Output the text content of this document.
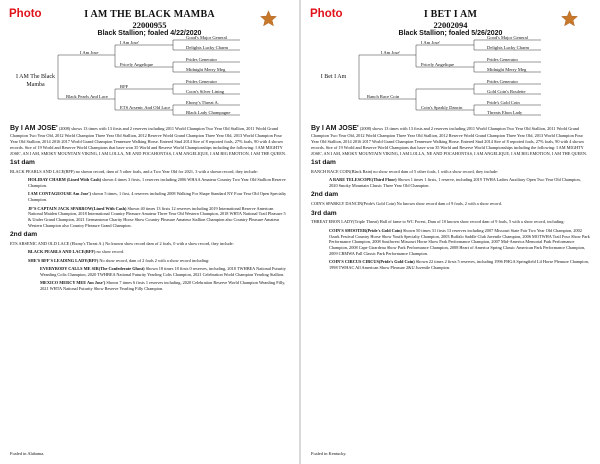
Photo	I AM THE BLACK MAMBA
22000955
Black Stallion; foaled 4/22/2020
I AM The Black Mamba
I Am Jose
Black Pearls And Lace
I Am Jose'
Pricely Angelique
BFF
ETS Arsenic And Old Lace
Good's Major General
Delights Lucky Charm
Prides Generator
Midnight Merry Meg
Prides Generator
Coon's Silver Lining
Ebony's Threat A.
Black Lady Champagne

By I AM JOSE' (2008) shows 13 times with 13 firsts and 2 reserves including 2011 World Champion Two Year Old Stallion, 2011 World Grand Champion Two Year Old, 2012 World Champion Three Year Old Stallion, 2012 Reserve World Grand Champion Three Year Old, 2013 World Champion Four Year Old Stallion, 2014 2016 2017 World Grand Champion Tennessee Walking Horse. Entered Stud 2014 Sire of 8 reported foals, 27% foals, 90 with 4 shown records. Sire of 19 World and Reserve World Champions that have won 35 World and Reserve World Championships including the following: I AM MIGHTY JOSE', AN I AM, SMOKY MOUNTAIN VIKING, I AM LOLLA, NE AND POCAHONTAS, I AM ANGELIQUE, I AM BIG EMOTION, I AM THE QUEEN.

1st dam

BLACK PEARLS AND LACE(BFF) no shown record, dam of 5 other foals, and a Two Year Old for 2021, 3 with a shown record, they include:

HOLIDAY CHARM (Lined With Cash) shown 4 times 3 firsts, 1 reserves including 2006 WHAA Amateur Country Two Year Old Stallion Reserve Champion.

I AM CONTAGEOUSE Am Jose') shown 5 times, 1 first, 4 reserves including 2008 Walking For Shape Standard NY Four Year Old Open Specialty Champion.

JF'S CAPTAIN JACK SPARROW(Lined With Cash) Shown 40 times 13 firsts 12 reserves including 2019 International Reserve American National Maiden Champion, 2018 International Country Pleasure Amateur Three Year Old Western Champion, 2018 WHTA National Trail Pleasure 5 & Under Grand Champion, 2021 Germantown Charity Horse Show Country Pleasure Amateur Stallion Champion also Country Pleasure Amateur Western Champion also Country Pleasure Grand Champion.

2nd dam

ETS ARSENIC AND OLD LACE (Ebony's Threat A.) No known show record dam of 2 foals, 0 with a show record, they include:

BLACK PEARLS AND LACE(BFF) no show record.

SHE'S BFF'S LEADING LADY(BFF) No show record, dam of 2 foals 2 with a show record including:

EVERYBODY CALLS ME SIR(The Confederate Ghost) Shown 18 times 18 firsts 0 reserves, including, 2018 TWHBEA National Futurity Weanling Colts Champion, 2020 TWHBEA National Futurity Yearling Colts Champion, 2021 Celebration World Champion Yearling Stallion.

MEXICO MERCY MEE Am Jose') Shown 7 times 6 firsts 1 reserves including, 2020 Celebration Reserve World Champion Weanling Filly, 2021 WHTA National Futurity Show Reserve Yearling Filly Champion.

Foaled in Alabama.
Photo	I BET I AM
22002094
Black Stallion; foaled 5/26/2020
I Bet I Am
I Am Jose'
Ranch Race Coin
I Am Jose'
Pricely Angelique
Coin's Sparkly Dancin
Good's Major General
Delights Lucky Charm
Prides Generator
Midnight Merry Meg
Prides Generator
Gold Coin's Roulette
Pride's Gold Coin
Threats Ebon Lady

By I AM JOSE' (2008) shows 13 times with 13 firsts and 2 reserves including 2011 World Champion Two Year Old Stallion, 2011 World Grand Champion Two Year Old, 2012 World Champion Three Year Old Stallion, 2012 Reserve World Grand Champion Three Year Old, 2013 World Champion Four Year Old Stallion, 2014 2016 2017 World Grand Champion Tennessee Walking Horse. Entered Stud 2014 Sire of 8 reported foals, 27% foals, 90 with 4 shown records. Sire of 19 World and Reserve World Champions that have won 35 World and Reserve World Championships including the following: I AM MIGHTY JOSE', AN I AM, SMOKY MOUNTAIN VIKING, I AM LOLLA, NE AND POCAHONTAS, I AM ANGELIQUE, I AM BIG EMOTION, I AM THE QUEEN.

1st dam

RANCH RACE COIN(Black Rain) no show record dam of 5 other foals, 1 with a show record, they include:

A RARE TELESCOPE(Third Floor) Shown 1 times 1 firsts, 1 reserve, including 2019 TWHA Ladies Auxiliary Open Two Year Old Champion, 2020 Smoky Mountain Classic Three Year Old Champion.

2nd dam

COIN'S SPARKLY DANCIN(Pride's Gold Coin) No known show record dam of 9 foals, 2 with a show record.

3rd dam

THREAT EBON LADY(Triple Threat) Hall of fame to WC Forest, Dam of 10 known show record dam of 9 foals, 5 with a show record, including:

COIN'S SHOOTER(Pride's Gold Coin) Shown 50 times 31 firsts 13 reserves including 2007 Missouri State Fair Two Year Old Champion, 2002 Ozark Festival Country Horse Show Youth Specialty Champion, 2003 Buffalo Saddle Club Juvenile Champion, 2006 MOTWHA Trail Four Show Park Performance Champion, 2008 Southwest Missouri Horse Show Park Performance Champion, 2007 Mid-America Memorial Park Performance Champion, 2008 Cape Girardeau Show Park Performance Champion, 2008 Heart of America Spring Classic American Park Performance Champion, 2009 CRMWA Fall Classic Park Performance Champion.

COIN'S CIRCUS CIRCUS(Pride's Gold Coin) Shown 22 times 2 firsts 5 reserves, including 1996 FHGA Springfield Lil Horse Pleasure Champion, 1998 TWHAC All American Show Pleasure 2&U Juvenile Champion.

Foaled in Kentucky.
